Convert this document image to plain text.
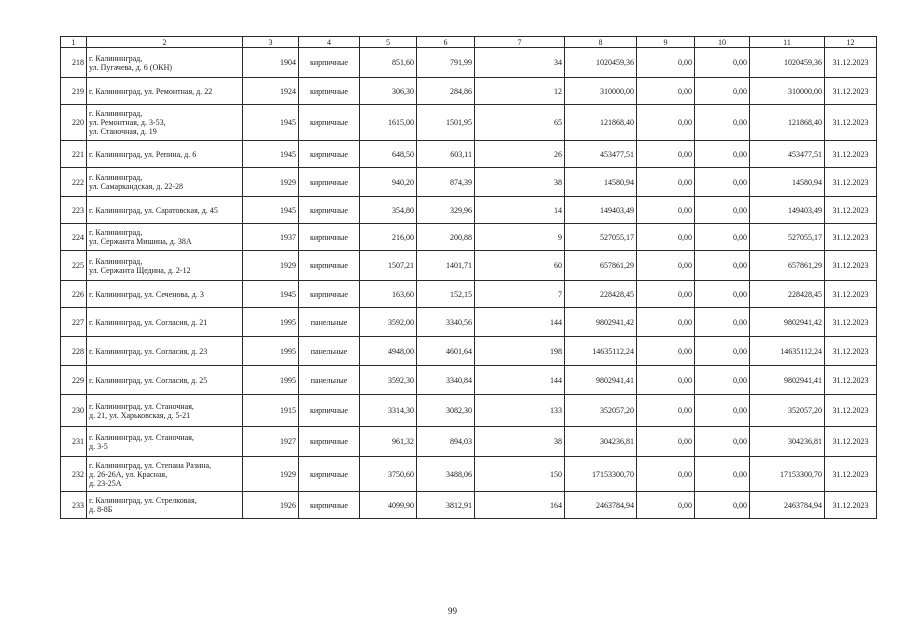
1	2	3	4	5	6	7	8	9	10	11	12
218	г. Калининград,
ул. Пугачева, д. 6 (ОКН)	1904	кирпичные	851,60	791,99	34	1020459,36	0,00	0,00	1020459,36	31.12.2023
219	г. Калининград, ул. Ремонтная, д. 22	1924	кирпичные	306,30	284,86	12	310000,00	0,00	0,00	310000,00	31.12.2023
220	г. Калининград,
ул. Ремонтная, д. 3-53,
ул. Станочная, д. 19	1945	кирпичные	1615,00	1501,95	65	121868,40	0,00	0,00	121868,40	31.12.2023
221	г. Калининград, ул. Репина, д. 6	1945	кирпичные	648,50	603,11	26	453477,51	0,00	0,00	453477,51	31.12.2023
222	г. Калининград,
ул. Самаркандская, д. 22-28	1929	кирпичные	940,20	874,39	38	14580,94	0,00	0,00	14580,94	31.12.2023
223	г. Калининград, ул. Саратовская, д. 45	1945	кирпичные	354,80	329,96	14	149403,49	0,00	0,00	149403,49	31.12.2023
224	г. Калининград,
ул. Сержанта Мишина, д. 38А	1937	кирпичные	216,00	200,88	9	527055,17	0,00	0,00	527055,17	31.12.2023
225	г. Калининград,
ул. Сержанта Щедина, д. 2-12	1929	кирпичные	1507,21	1401,71	60	657861,29	0,00	0,00	657861,29	31.12.2023
226	г. Калининград, ул. Сеченова, д. 3	1945	кирпичные	163,60	152,15	7	228428,45	0,00	0,00	228428,45	31.12.2023
227	г. Калининград, ул. Согласия, д. 21	1995	панельные	3592,00	3340,56	144	9802941,42	0,00	0,00	9802941,42	31.12.2023
228	г. Калининград, ул. Согласия, д. 23	1995	панельные	4948,00	4601,64	198	14635112,24	0,00	0,00	14635112,24	31.12.2023
229	г. Калининград, ул. Согласия, д. 25	1995	панельные	3592,30	3340,84	144	9802941,41	0,00	0,00	9802941,41	31.12.2023
230	г. Калининград, ул. Станочная,
д. 21, ул. Харьковская, д. 5-21	1915	кирпичные	3314,30	3082,30	133	352057,20	0,00	0,00	352057,20	31.12.2023
231	г. Калининград, ул. Станочная,
д. 3-5	1927	кирпичные	961,32	894,03	38	304236,81	0,00	0,00	304236,81	31.12.2023
232	г. Калининград, ул. Степана Разина,
д. 26-26А, ул. Красная,
д. 23-25А	1929	кирпичные	3750,60	3488,06	150	17153300,70	0,00	0,00	17153300,70	31.12.2023
233	г. Калининград, ул. Стрелковая,
д. 8-8Б	1926	кирпичные	4099,90	3812,91	164	2463784,94	0,00	0,00	2463784,94	31.12.2023
99
